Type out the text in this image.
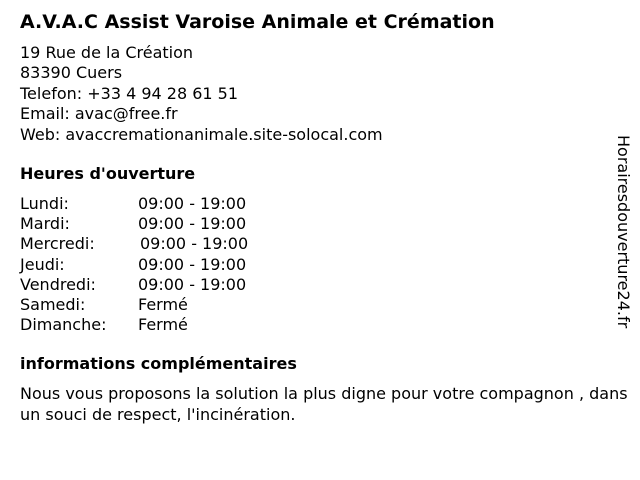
A.V.A.C Assist Varoise Animale et Crémation
19 Rue de la Création
83390 Cuers
Telefon: +33 4 94 28 61 51
Email: avac@free.fr
Web: avaccremationanimale.site-solocal.com
Heures d'ouverture
Lundi:	09:00 - 19:00
Mardi:	09:00 - 19:00
Mercredi:	09:00 - 19:00
Jeudi:	09:00 - 19:00
Vendredi:	09:00 - 19:00
Samedi:	Fermé
Dimanche: Fermé
informations complémentaires
Nous vous proposons la solution la plus digne pour votre compagnon , dans un souci de respect, l'incinération.
Horairesdouverture24.fr
